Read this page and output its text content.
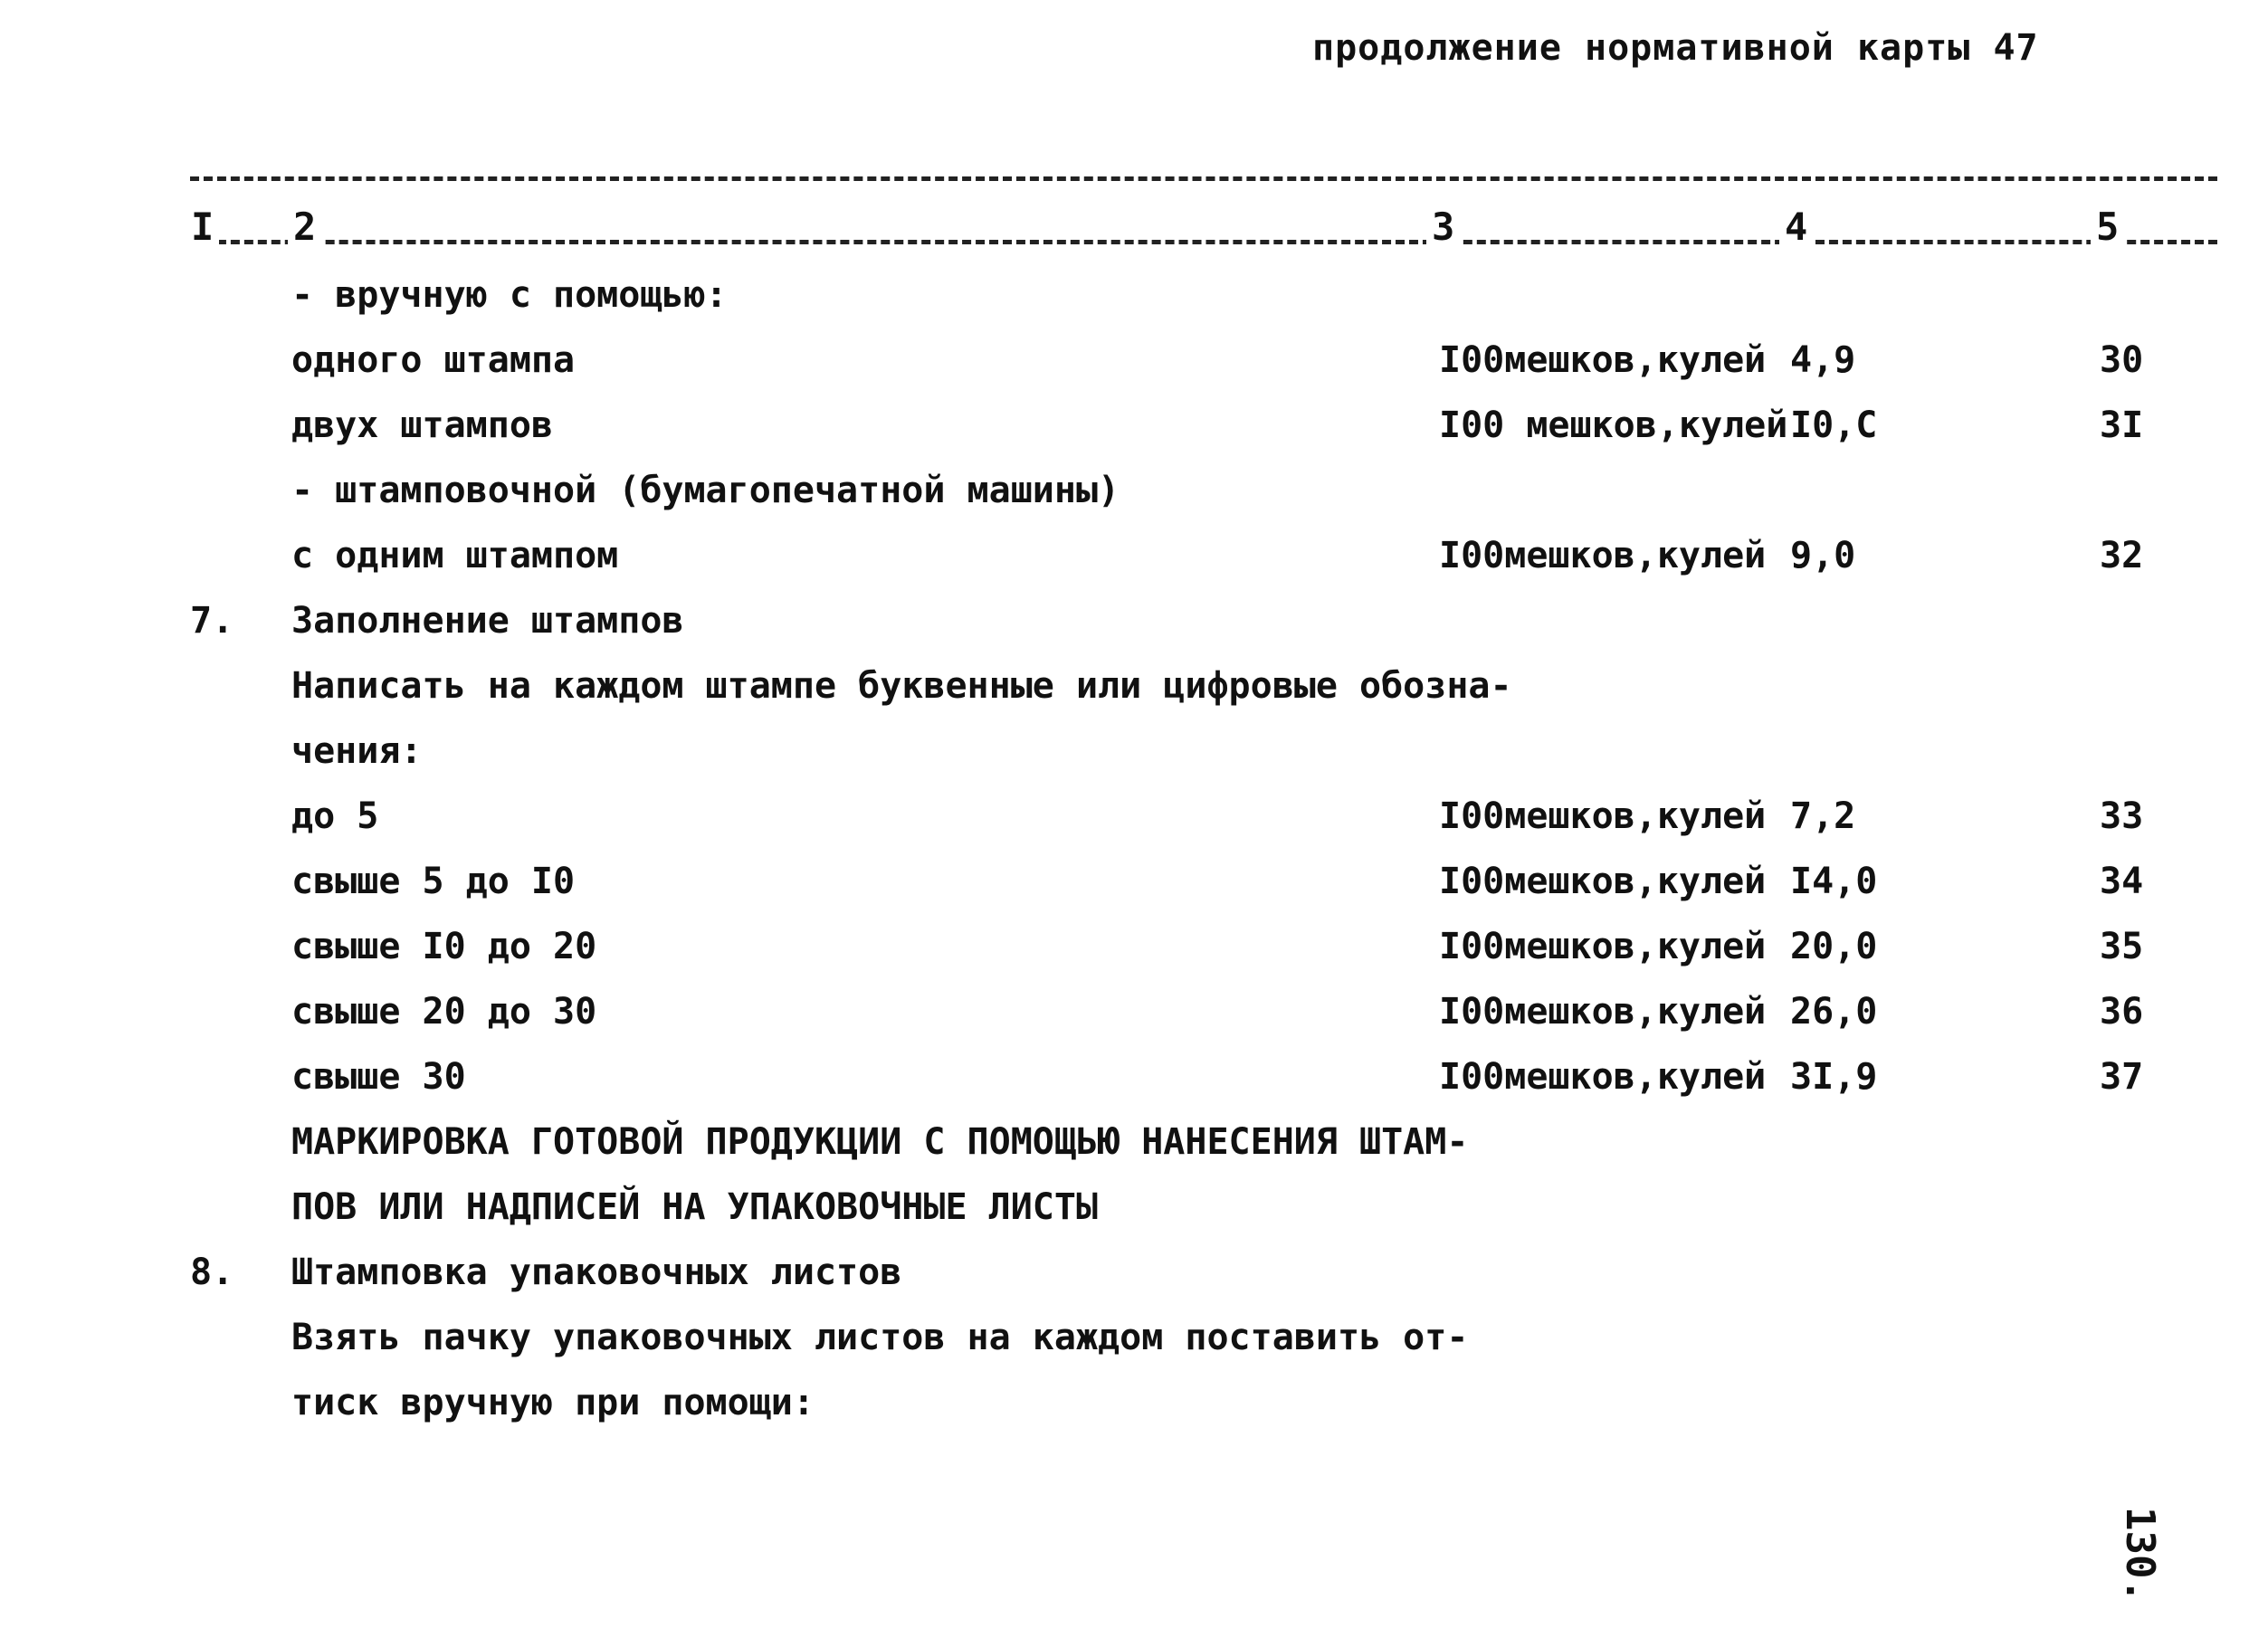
продолжение нормативной карты 47
I 2	3	4	5
- вручную с помощью:
одного штампа	I00мешков,кулей 4,9	30
двух штампов	I00 мешков,кулей I0,C	3I
- штамповочной (бумагопечатной машины)
с одним штампом	I00мешков,кулей 9,0	32
7. Заполнение штампов
Написать на каждом штампе буквенные или цифровые обозна-
чения:
до 5	I00мешков,кулей 7,2	33
свыше 5 до I0	I00мешков,кулей I4,0	34
свыше I0 до 20	I00мешков,кулей 20,0	35
свыше 20 до 30	I00мешков,кулей 26,0	36
свыше 30	I00мешков,кулей 3I,9	37
МАРКИРОВКА ГОТОВОЙ ПРОДУКЦИИ С ПОМОЩЬЮ НАНЕСЕНИЯ ШТАМ-
ПОВ ИЛИ НАДПИСЕЙ НА УПАКОВОЧНЫЕ ЛИСТЫ
8. Штамповка упаковочных листов
Взять пачку упаковочных листов на каждом поставить от-
тиск вручную при помощи:
130.
